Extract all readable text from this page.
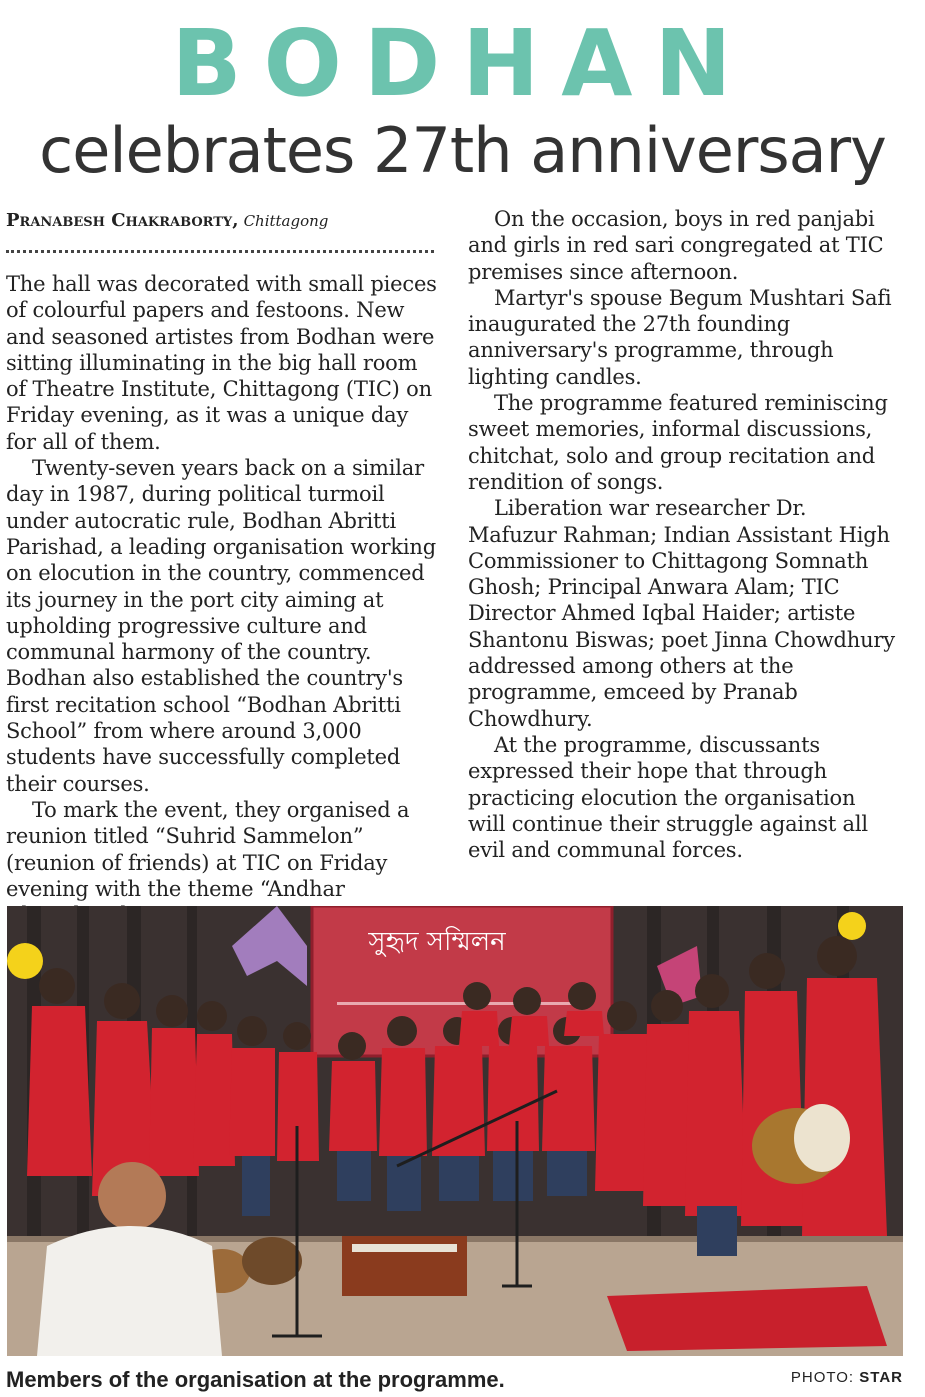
BODHAN
celebrates 27th anniversary
Pranabesh Chakraborty, Chittagong

The hall was decorated with small pieces of colourful papers and festoons. New and seasoned artistes from Bodhan were sitting illuminating in the big hall room of Theatre Institute, Chittagong (TIC) on Friday evening, as it was a unique day for all of them.

Twenty-seven years back on a similar day in 1987, during political turmoil under autocratic rule, Bodhan Abritti Parishad, a leading organisation working on elocution in the country, commenced its journey in the port city aiming at upholding progressive culture and communal harmony of the country. Bodhan also established the country's first recitation school “Bodhan Abritti School” from where around 3,000 students have successfully completed their courses.

To mark the event, they organised a reunion titled “Suhrid Sammelon” (reunion of friends) at TIC on Friday evening with the theme “Andhar

On the occasion, boys in red panjabi and girls in red sari congregated at TIC premises since afternoon.

Martyr's spouse Begum Mushtari Safi inaugurated the 27th founding anniversary's programme, through lighting candles.

The programme featured reminiscing sweet memories, informal discussions, chitchat, solo and group recitation and rendition of songs.

Liberation war researcher Dr. Mafuzur Rahman; Indian Assistant High Commissioner to Chittagong Somnath Ghosh; Principal Anwara Alam; TIC Director Ahmed Iqbal Haider; artiste Shantonu Biswas; poet Jinna Chowdhury addressed among others at the programme, emceed by Pranab Chowdhury.

At the programme, discussants expressed their hope that through practicing elocution the organisation will continue their struggle against all evil and communal forces.

সুহৃদ সম্মিলন
Members of the organisation at the programme.	PHOTO: STAR
